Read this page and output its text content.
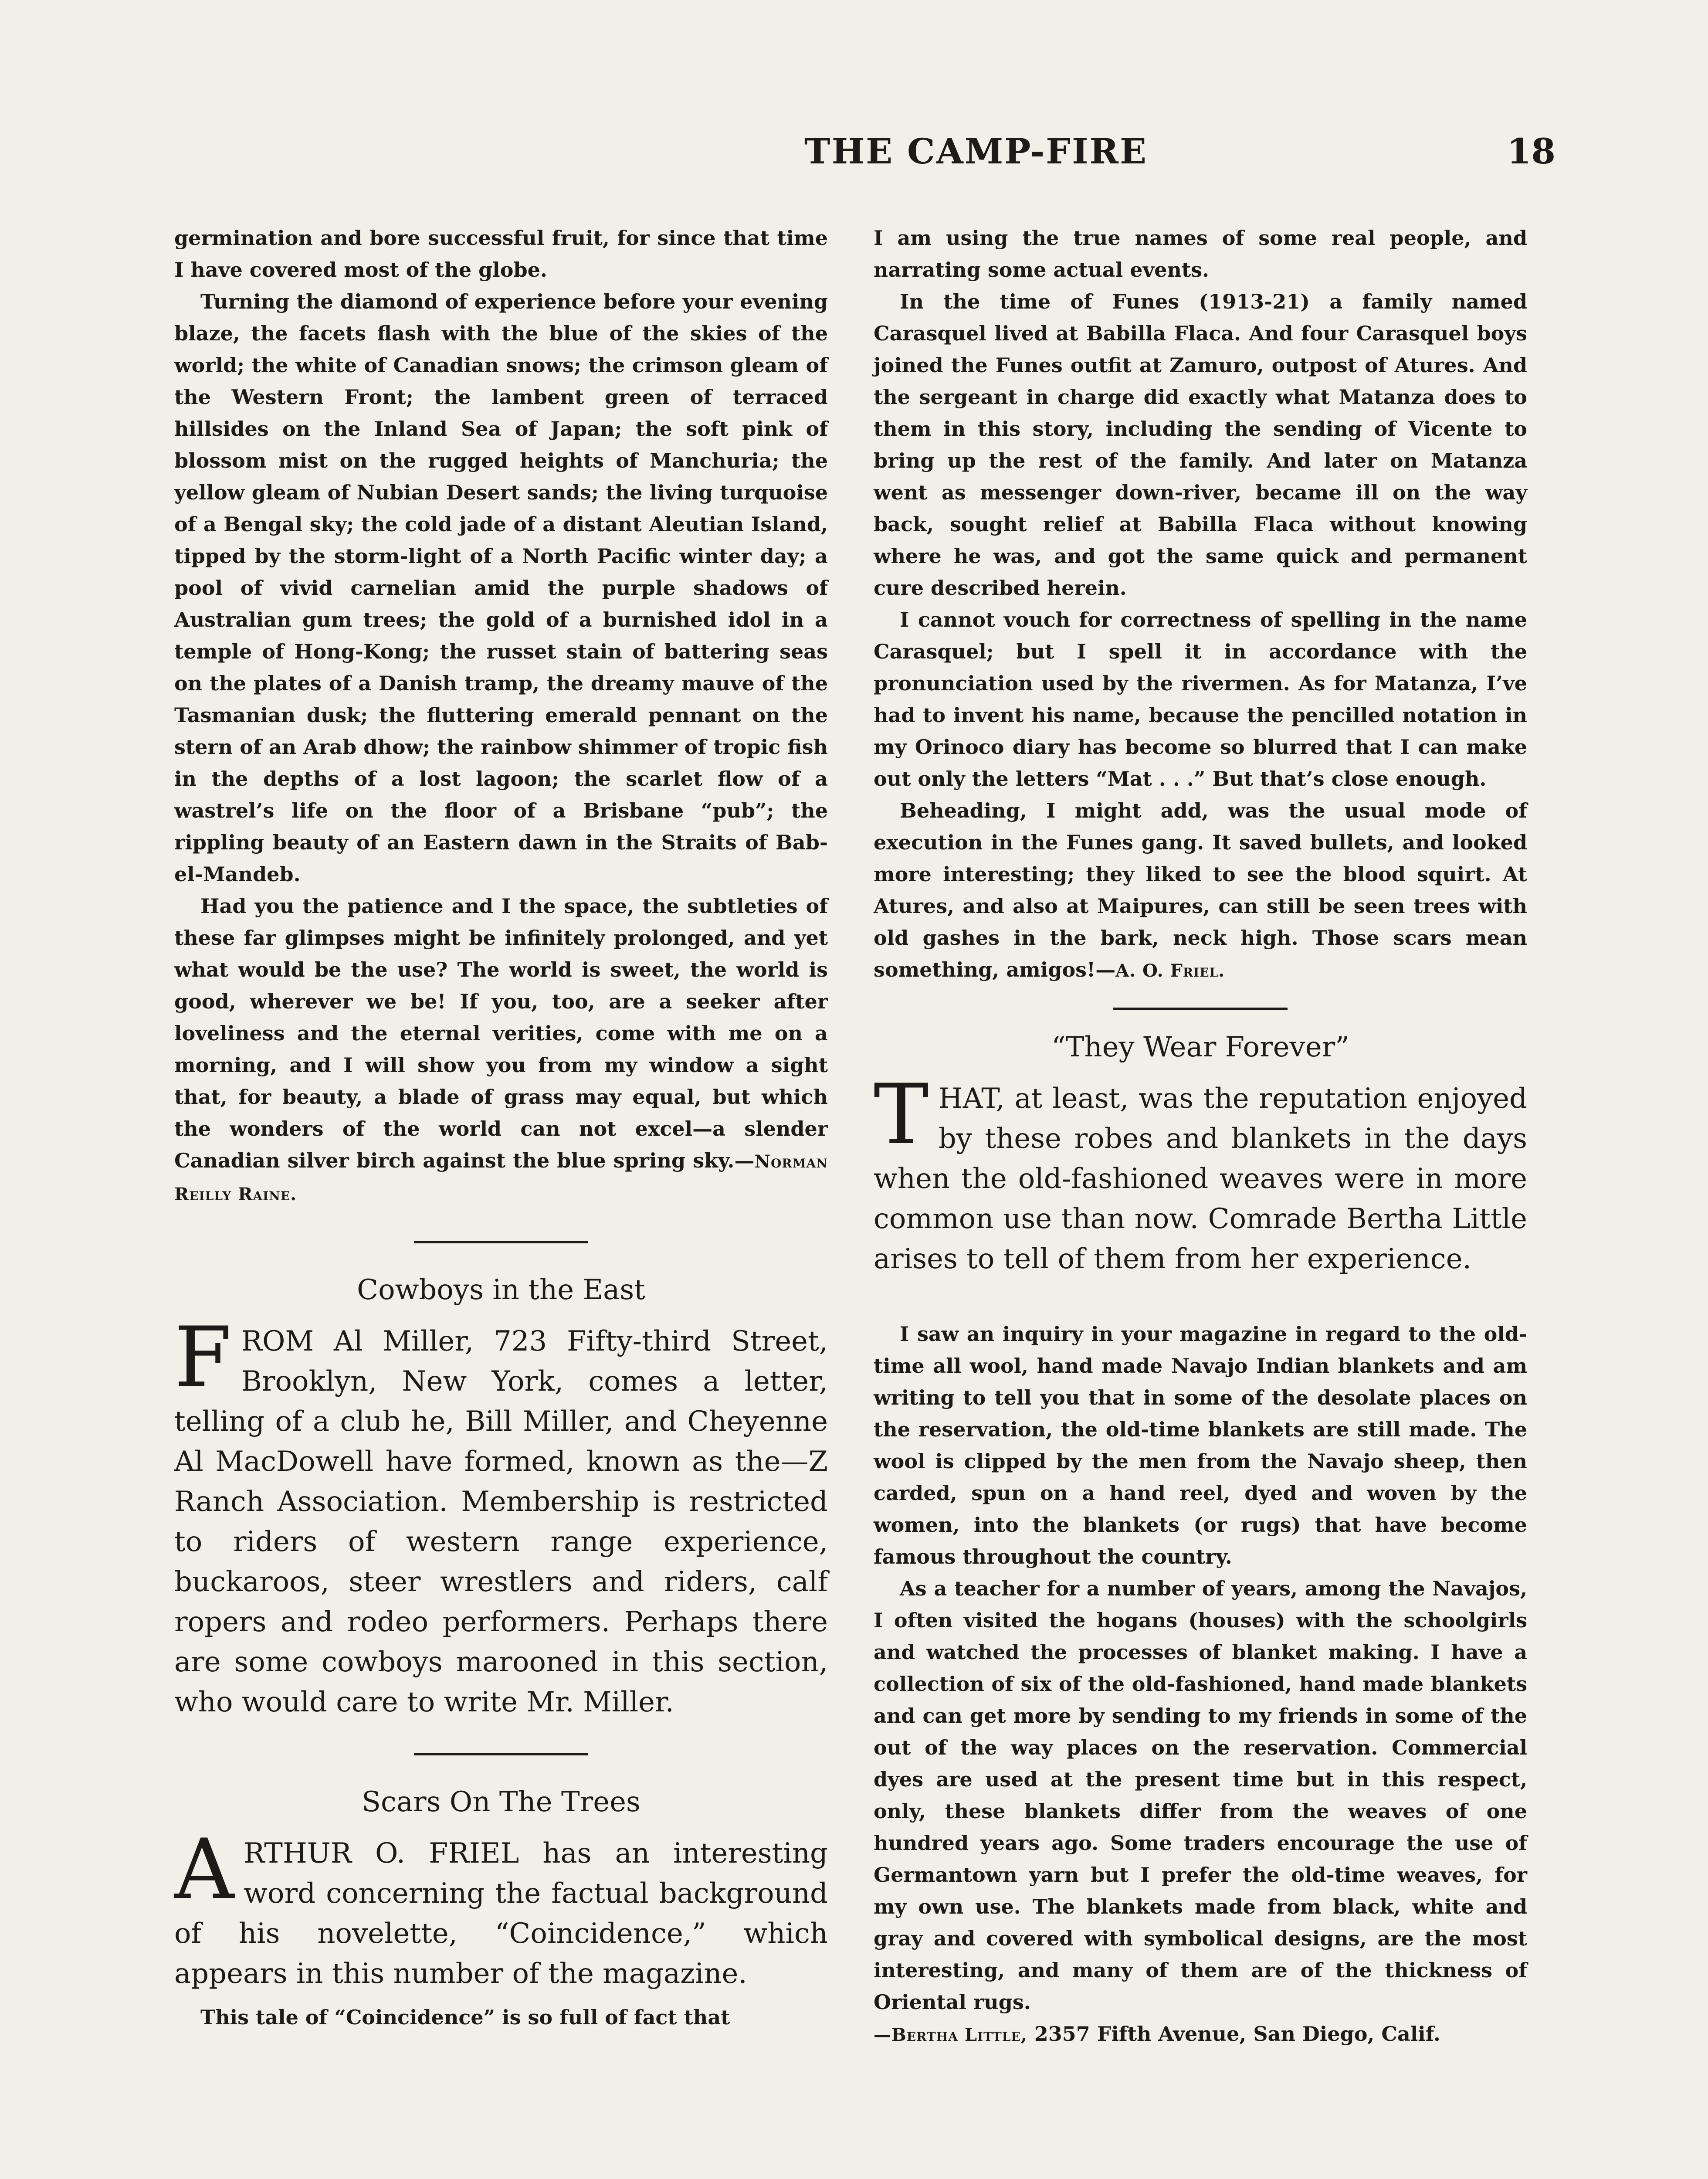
THE CAMP-FIRE	18

germination and bore successful fruit, for since that time I have covered most of the globe.

Turning the diamond of experience before your evening blaze, the facets flash with the blue of the skies of the world; the white of Canadian snows; the crimson gleam of the Western Front; the lambent green of terraced hillsides on the Inland Sea of Japan; the soft pink of blossom mist on the rugged heights of Manchuria; the yellow gleam of Nubian Desert sands; the living turquoise of a Bengal sky; the cold jade of a distant Aleutian Island, tipped by the storm-light of a North Pacific winter day; a pool of vivid carnelian amid the purple shadows of Australian gum trees; the gold of a burnished idol in a temple of Hong-Kong; the russet stain of battering seas on the plates of a Danish tramp, the dreamy mauve of the Tasmanian dusk; the fluttering emerald pennant on the stern of an Arab dhow; the rainbow shimmer of tropic fish in the depths of a lost lagoon; the scarlet flow of a wastrel’s life on the floor of a Brisbane “pub”; the rippling beauty of an Eastern dawn in the Straits of Bab-el-Mandeb.

Had you the patience and I the space, the subtleties of these far glimpses might be infinitely prolonged, and yet what would be the use? The world is sweet, the world is good, wherever we be! If you, too, are a seeker after loveliness and the eternal verities, come with me on a morning, and I will show you from my window a sight that, for beauty, a blade of grass may equal, but which the wonders of the world can not excel—a slender Canadian silver birch against the blue spring sky.—Norman Reilly Raine.

Cowboys in the East

FROM Al Miller, 723 Fifty-third Street, Brooklyn, New York, comes a letter, telling of a club he, Bill Miller, and Cheyenne Al MacDowell have formed, known as the—Z Ranch Association. Membership is restricted to riders of western range experience, buckaroos, steer wrestlers and riders, calf ropers and rodeo performers. Perhaps there are some cowboys marooned in this section, who would care to write Mr. Miller.

Scars On The Trees

ARTHUR O. FRIEL has an interesting word concerning the factual background of his novelette, “Coincidence,” which appears in this number of the magazine.

This tale of “Coincidence” is so full of fact that

I am using the true names of some real people, and narrating some actual events.

In the time of Funes (1913-21) a family named Carasquel lived at Babilla Flaca. And four Carasquel boys joined the Funes outfit at Zamuro, outpost of Atures. And the sergeant in charge did exactly what Matanza does to them in this story, including the sending of Vicente to bring up the rest of the family. And later on Matanza went as messenger down-river, became ill on the way back, sought relief at Babilla Flaca without knowing where he was, and got the same quick and permanent cure described herein.

I cannot vouch for correctness of spelling in the name Carasquel; but I spell it in accordance with the pronunciation used by the rivermen. As for Matanza, I’ve had to invent his name, because the pencilled notation in my Orinoco diary has become so blurred that I can make out only the letters “Mat . . .” But that’s close enough.

Beheading, I might add, was the usual mode of execution in the Funes gang. It saved bullets, and looked more interesting; they liked to see the blood squirt. At Atures, and also at Maipures, can still be seen trees with old gashes in the bark, neck high. Those scars mean something, amigos!—A. O. Friel.

“They Wear Forever”

THAT, at least, was the reputation enjoyed by these robes and blankets in the days when the old-fashioned weaves were in more common use than now. Comrade Bertha Little arises to tell of them from her experience.

I saw an inquiry in your magazine in regard to the old-time all wool, hand made Navajo Indian blankets and am writing to tell you that in some of the desolate places on the reservation, the old-time blankets are still made. The wool is clipped by the men from the Navajo sheep, then carded, spun on a hand reel, dyed and woven by the women, into the blankets (or rugs) that have become famous throughout the country.

As a teacher for a number of years, among the Navajos, I often visited the hogans (houses) with the schoolgirls and watched the processes of blanket making. I have a collection of six of the old-fashioned, hand made blankets and can get more by sending to my friends in some of the out of the way places on the reservation. Commercial dyes are used at the present time but in this respect, only, these blankets differ from the weaves of one hundred years ago. Some traders encourage the use of Germantown yarn but I prefer the old-time weaves, for my own use. The blankets made from black, white and gray and covered with symbolical designs, are the most interesting, and many of them are of the thickness of Oriental rugs.

—Bertha Little, 2357 Fifth Avenue, San Diego, Calif.
